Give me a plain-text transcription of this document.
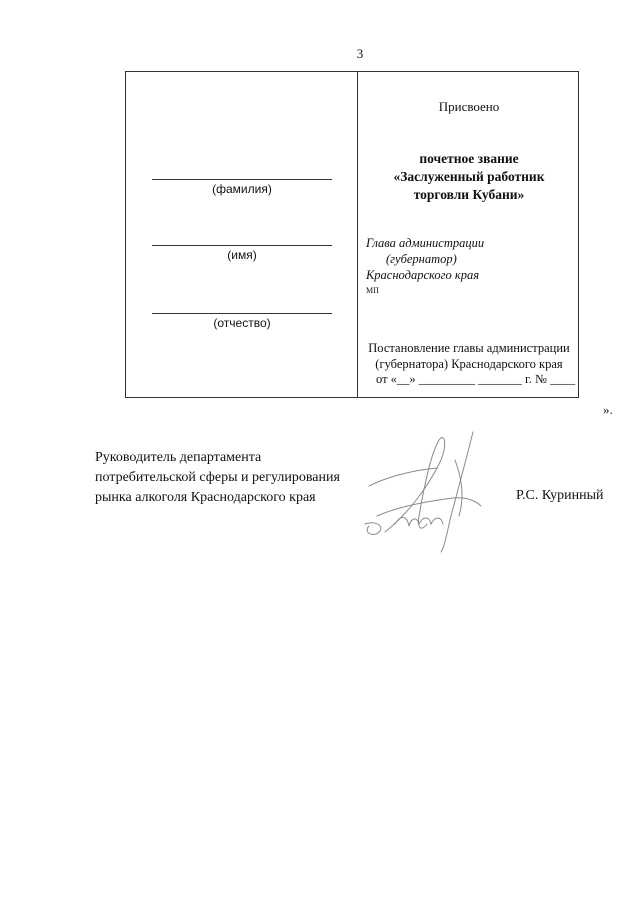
3
(фамилия)
(имя)
(отчество)
Присвоено
почетное звание
«Заслуженный работник
торговли Кубани»
Глава администрации
(губернатор)
Краснодарского края
МП
Постановление главы администрации
(губернатора) Краснодарского края
от «__» _________ _______ г. № ____
».
Руководитель департамента
потребительской сферы и регулирования
рынка алкоголя Краснодарского края	Р.С. Куринный
